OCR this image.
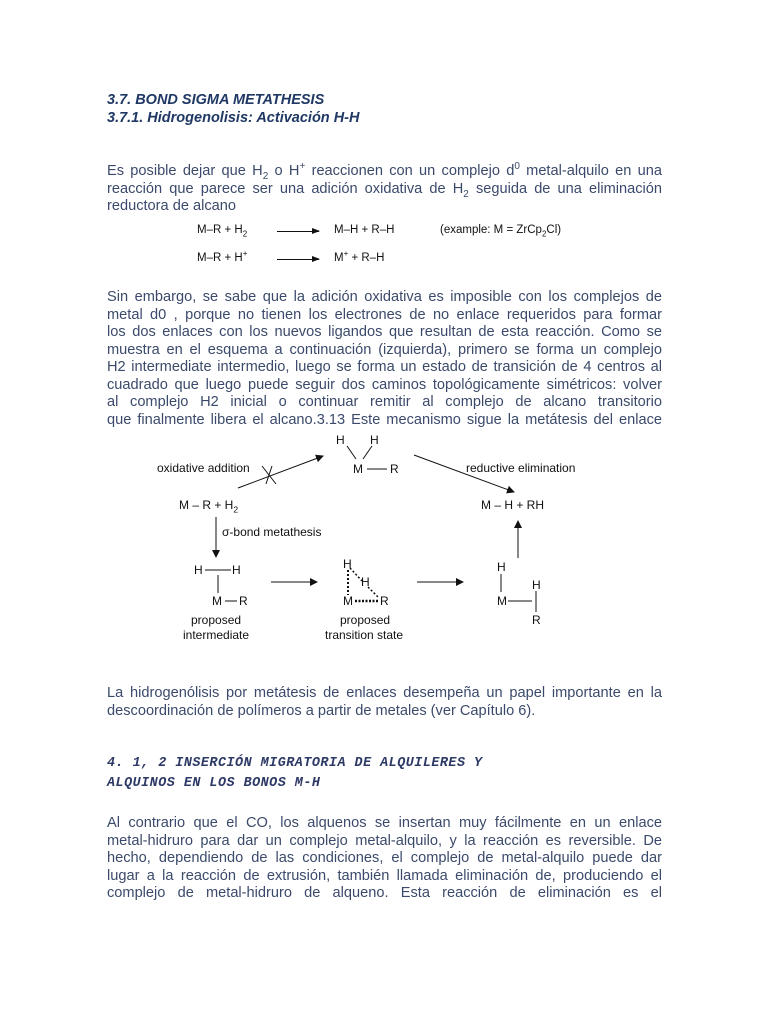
3.7. BOND SIGMA METATHESIS
3.7.1. Hidrogenolisis: Activación H-H
Es posible dejar que $H_2$ o H+ reaccionen con un complejo $d^0$ metal-alquilo en una
reacción que parece ser una adición oxidativa de $H_2$ seguida de una eliminación
reductora de alcano
$M-R + H_2$	M–H + R–H	(example: M = ZrCp$_2$Cl)
M–R + H+	M+ + R–H
Sin embargo, se sabe que la adición oxidativa es imposible con los complejos de
metal d0 , porque no tienen los electrones de no enlace requeridos para formar
los dos enlaces con los nuevos ligandos que resultan de esta reacción. Como se
muestra en el esquema a continuación (izquierda), primero se forma un complejo
H2 intermediate intermedio, luego se forma un estado de transición de 4 centros al
cuadrado que luego puede seguir dos caminos topológicamente simétricos: volver
al complejo H2 inicial o continuar remitir al complejo de alcano transitorio
que finalmente libera el alcano.3.13 Este mecanismo sigue la metátesis del enlace
oxidative addition	reductive elimination
σ-bond metathesis
H H
M R
$M - R + H_2$	M – H + RH
H H
M R
proposed
intermediate
H
H
M R
proposed
transition state
H
H
M
R
La hidrogenólisis por metátesis de enlaces desempeña un papel importante en la
descoordinación de polímeros a partir de metales (ver Capítulo 6).
4. 1, 2 INSERCIÓN MIGRATORIA DE ALQUILERES Y
ALQUINOS EN LOS BONOS M-H
Al contrario que el CO, los alquenos se insertan muy fácilmente en un enlace
metal-hidruro para dar un complejo metal-alquilo, y la reacción es reversible. De
hecho, dependiendo de las condiciones, el complejo de metal-alquilo puede dar
lugar a la reacción de extrusión, también llamada eliminación de, produciendo el
complejo de metal-hidruro de alqueno. Esta reacción de eliminación es el
